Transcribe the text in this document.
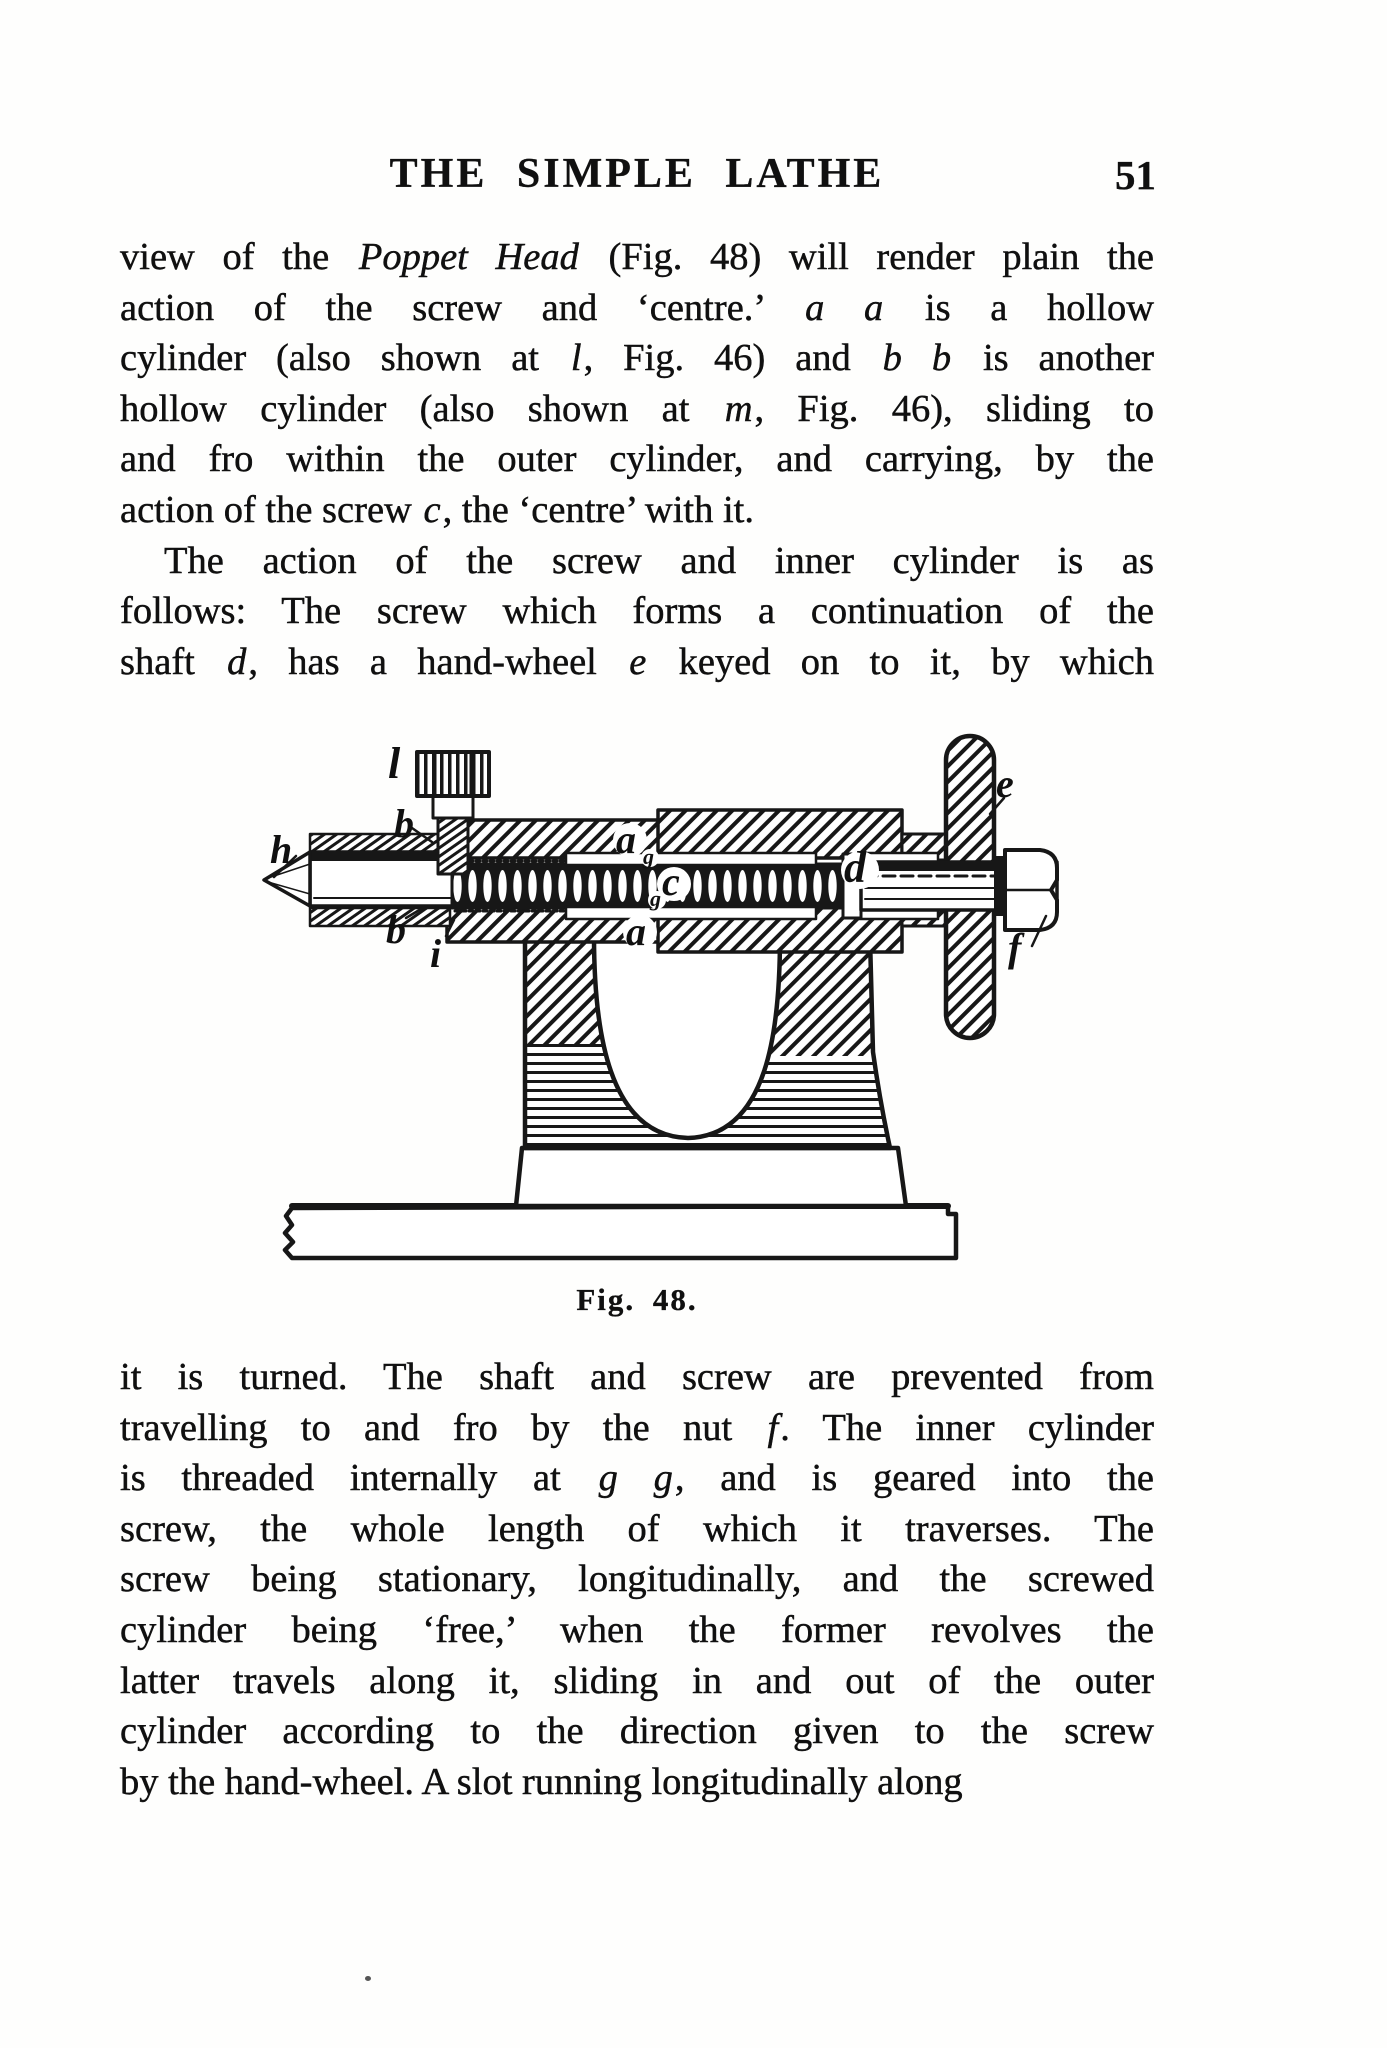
THE SIMPLE LATHE	51
view of the Poppet Head (Fig. 48) will render plain the
action of the screw and ‘centre.’ a a is a hollow
cylinder (also shown at l, Fig. 46) and b b is another
hollow cylinder (also shown at m, Fig. 46), sliding to
and fro within the outer cylinder, and carrying, by the
action of the screw c, the ‘centre’ with it.
The action of the screw and inner cylinder is as
follows: The screw which forms a continuation of the
shaft d, has a hand-wheel e keyed on to it, by which
l
b
h
b
i
a g
c
g
a
d
e
f
Fig. 48.
it is turned. The shaft and screw are prevented from
travelling to and fro by the nut f. The inner cylinder
is threaded internally at g g, and is geared into the
screw, the whole length of which it traverses. The
screw being stationary, longitudinally, and the screwed
cylinder being ‘free,’ when the former revolves the
latter travels along it, sliding in and out of the outer
cylinder according to the direction given to the screw
by the hand-wheel. A slot running longitudinally along
